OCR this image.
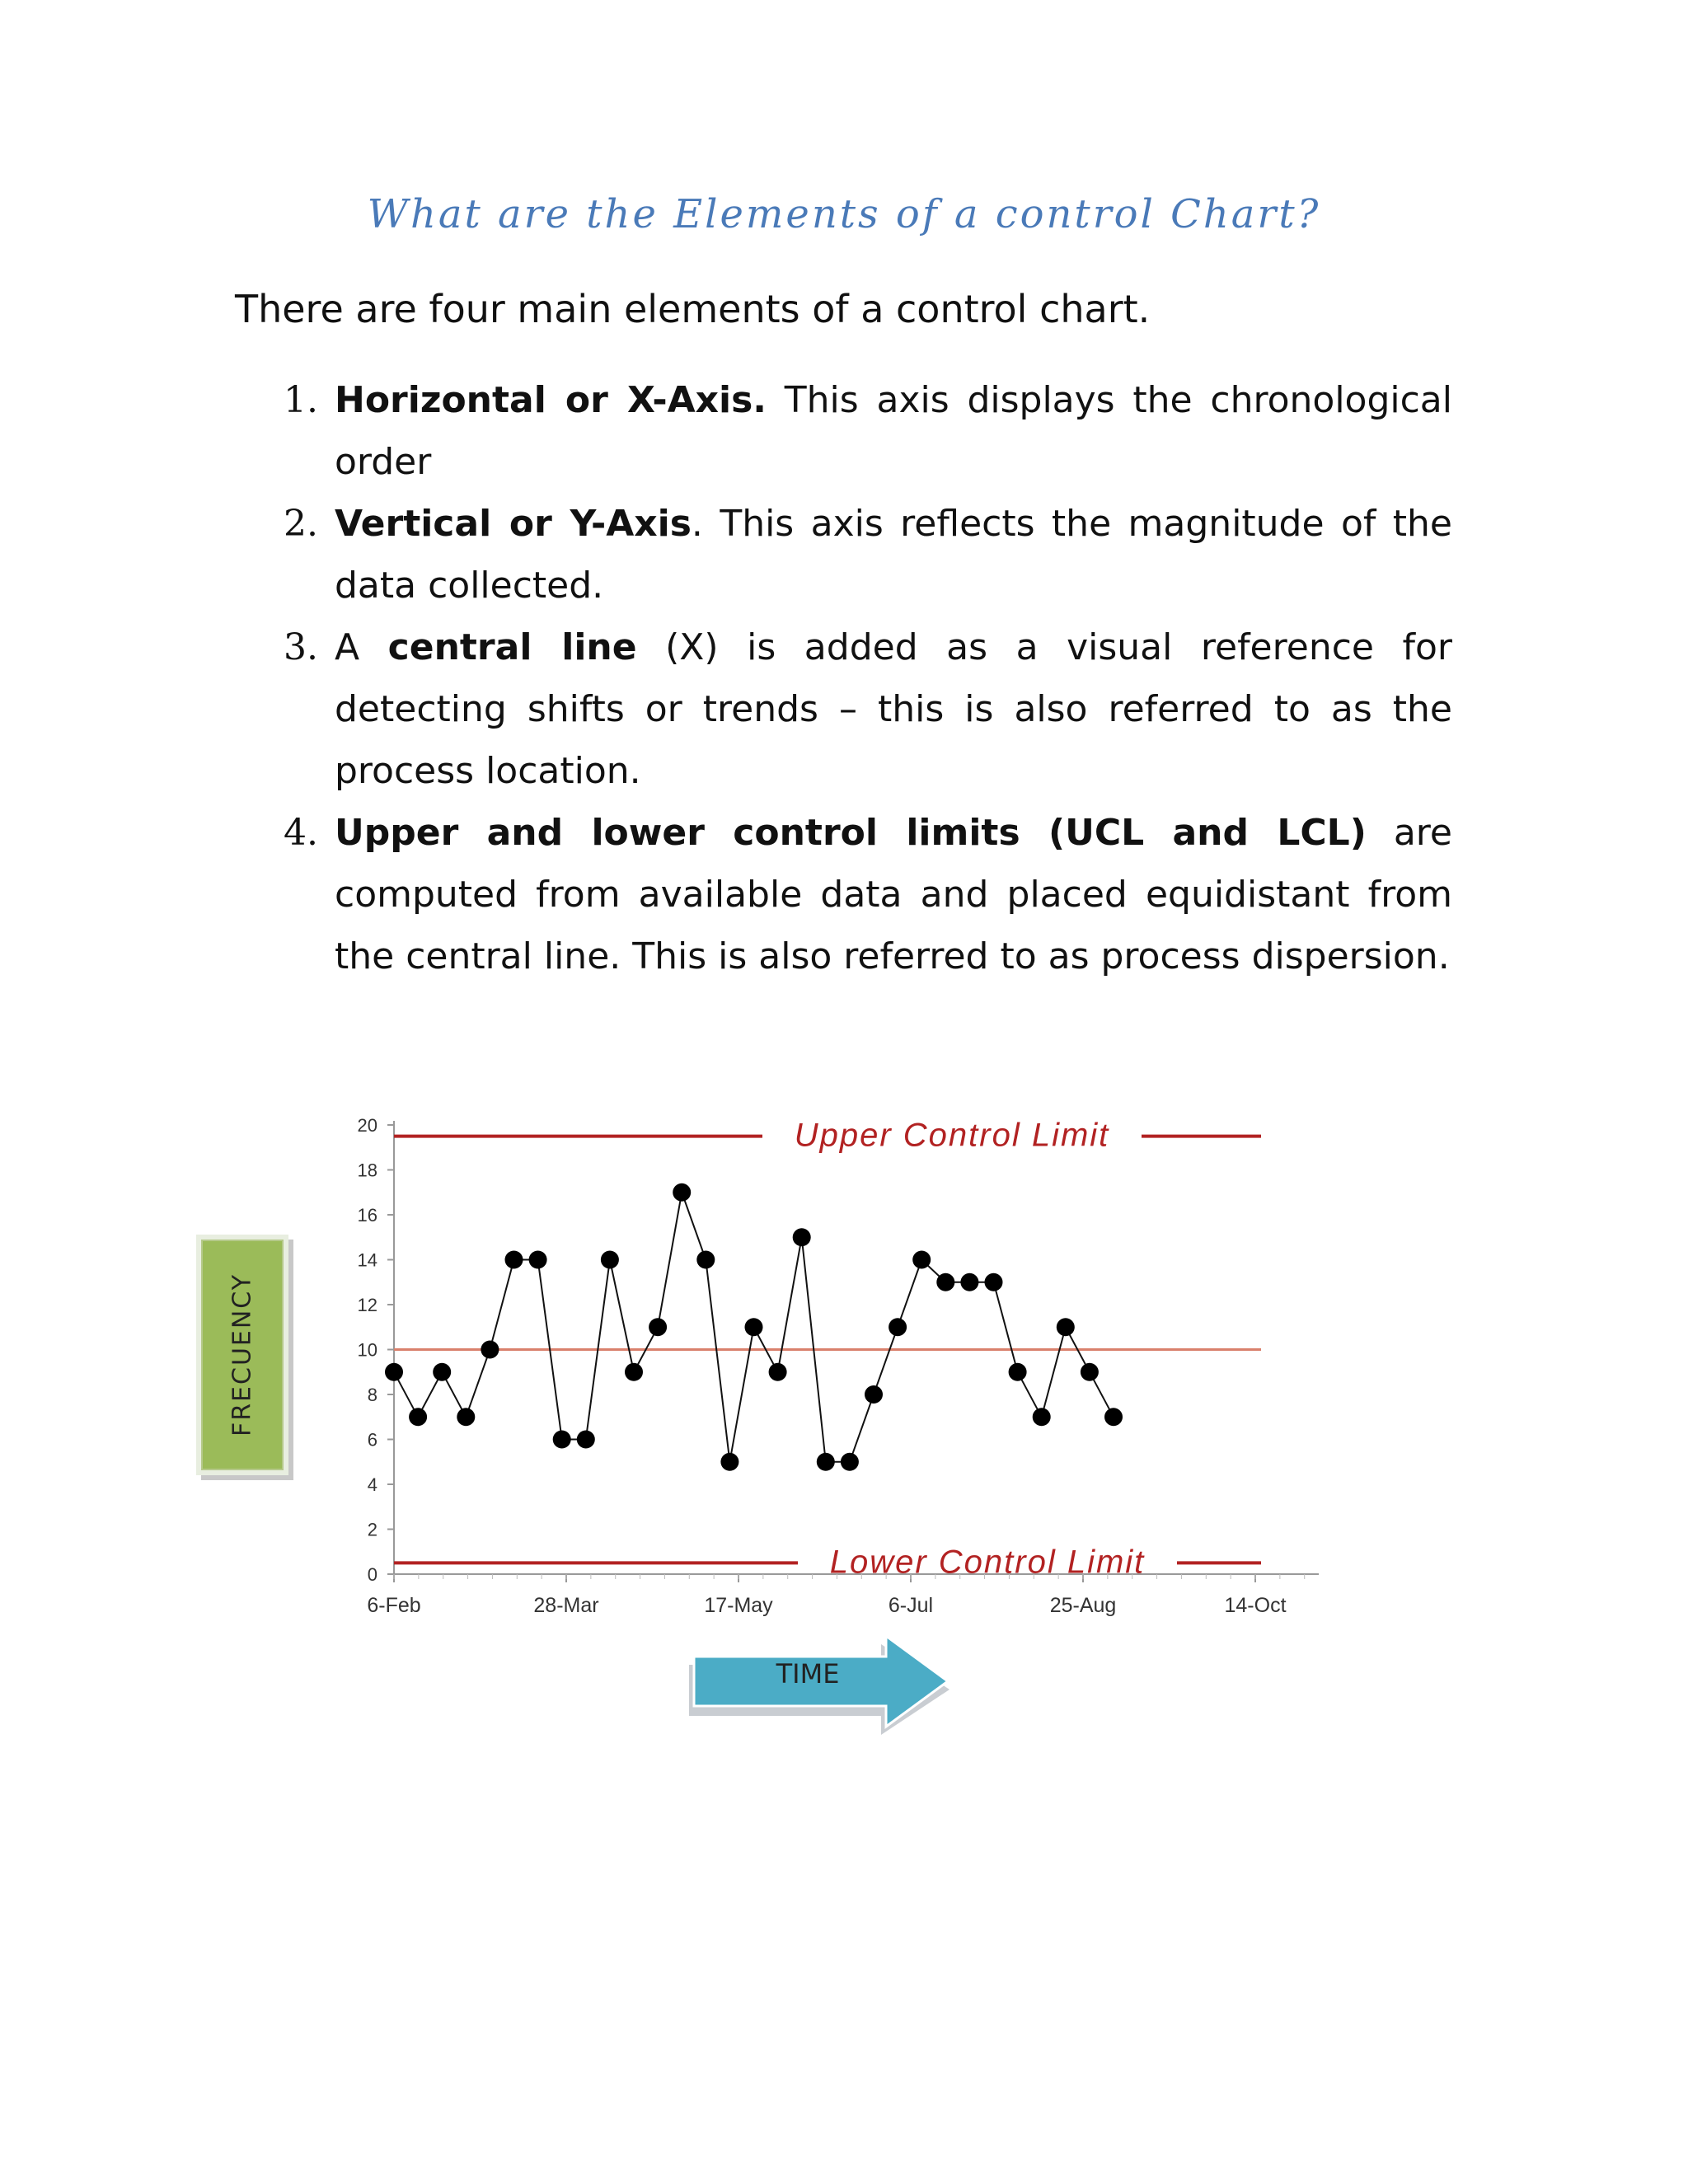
What are the Elements of a control Chart?

There are four main elements of a control chart.

1. Horizontal or X-Axis. This axis displays the chronological order
2. Vertical or Y-Axis. This axis reflects the magnitude of the data collected.
3. A central line (X) is added as a visual reference for detecting shifts or trends – this is also referred to as the process location.
4. Upper and lower control limits (UCL and LCL) are computed from available data and placed equidistant from the central line. This is also referred to as process dispersion.
FRECUENCY
0
2
4
6
8
10
12
14
16
18
20
6-Feb	28-Mar	17-May	6-Jul	25-Aug	14-Oct
Upper Control Limit
Lower Control Limit
TIME
